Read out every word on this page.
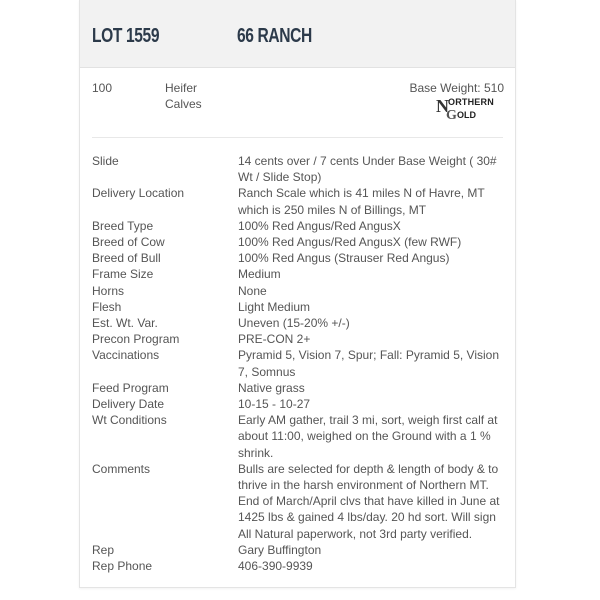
LOT 1559	66 RANCH
100	Heifer Calves
Base Weight: 510
N ORTHERN
G OLD
Slide	14 cents over / 7 cents Under Base Weight ( 30# Wt / Slide Stop)
Delivery Location	Ranch Scale which is 41 miles N of Havre, MT which is 250 miles N of Billings, MT
Breed Type	100% Red Angus/Red AngusX
Breed of Cow	100% Red Angus/Red AngusX (few RWF)
Breed of Bull	100% Red Angus (Strauser Red Angus)
Frame Size	Medium
Horns	None
Flesh	Light Medium
Est. Wt. Var.	Uneven (15-20% +/-)
Precon Program	PRE-CON 2+
Vaccinations	Pyramid 5, Vision 7, Spur; Fall: Pyramid 5, Vision 7, Somnus
Feed Program	Native grass
Delivery Date	10-15 - 10-27
Wt Conditions	Early AM gather, trail 3 mi, sort, weigh first calf at about 11:00, weighed on the Ground with a 1 % shrink.
Comments	Bulls are selected for depth & length of body & to thrive in the harsh environment of Northern MT. End of March/April clvs that have killed in June at 1425 lbs & gained 4 lbs/day. 20 hd sort. Will sign All Natural paperwork, not 3rd party verified.
Rep	Gary Buffington
Rep Phone	406-390-9939
